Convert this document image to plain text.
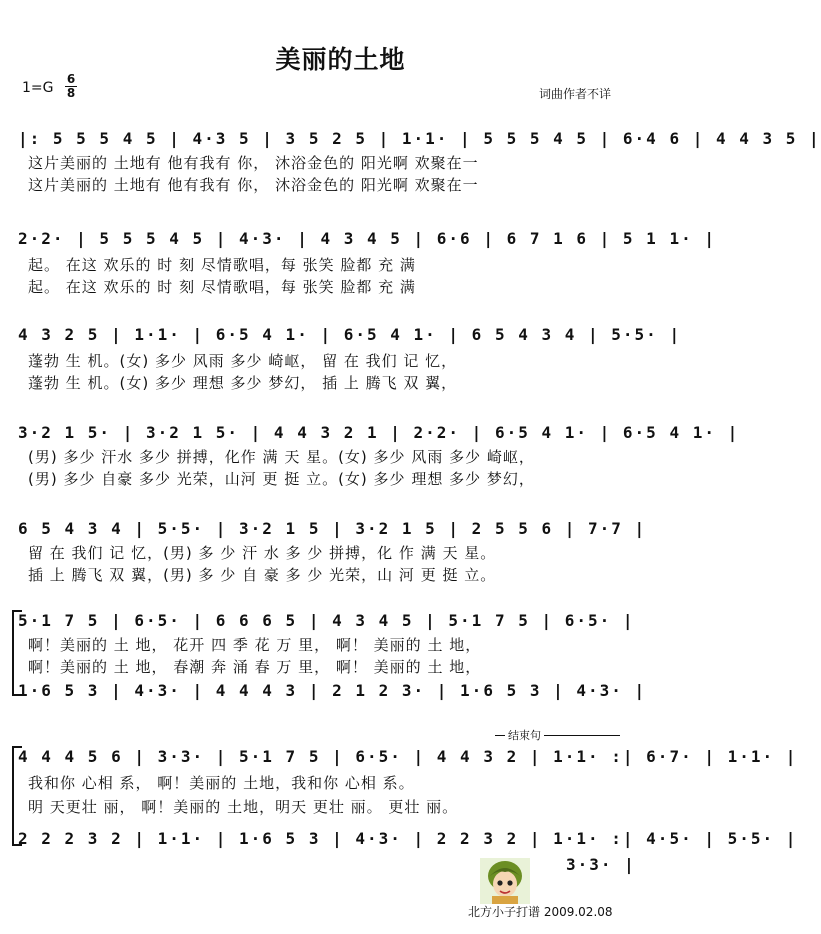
美丽的土地
1=G
6
8	词曲作者不详
|: 5 5 5 4 5 | 4·3 5 | 3 5 2 5 | 1·1· | 5 5 5 4 5 | 6·4 6 | 4 4 3 5 |
这片美丽的 土地有 他有我有 你， 沐浴金色的 阳光啊 欢聚在一
这片美丽的 土地有 他有我有 你， 沐浴金色的 阳光啊 欢聚在一
2·2· | 5 5 5 4 5 | 4·3· | 4 3 4 5 | 6·6 | 6 7 1 6 | 5 1 1· |
起。 在这 欢乐的 时 刻 尽情歌唱，每 张笑 脸都 充 满
起。 在这 欢乐的 时 刻 尽情歌唱，每 张笑 脸都 充 满
4 3 2 5 | 1·1· | 6·5 4 1· | 6·5 4 1· | 6 5 4 3 4 | 5·5· |
蓬勃 生 机。(女) 多少 风雨 多少 崎岖， 留 在 我们 记 忆，
蓬勃 生 机。(女) 多少 理想 多少 梦幻， 插 上 腾飞 双 翼，
3·2 1 5· | 3·2 1 5· | 4 4 3 2 1 | 2·2· | 6·5 4 1· | 6·5 4 1· |
(男) 多少 汗水 多少 拼搏，化作 满 天 星。(女) 多少 风雨 多少 崎岖，
(男) 多少 自豪 多少 光荣，山河 更 挺 立。(女) 多少 理想 多少 梦幻，
6 5 4 3 4 | 5·5· | 3·2 1 5 | 3·2 1 5 | 2 5 5 6 | 7·7 |
留 在 我们 记 忆，(男) 多 少 汗 水 多 少 拼搏，化 作 满 天 星。
插 上 腾飞 双 翼，(男) 多 少 自 豪 多 少 光荣，山 河 更 挺 立。
5·1 7 5 | 6·5· | 6 6 6 5 | 4 3 4 5 | 5·1 7 5 | 6·5· |
啊！美丽的 土 地， 花开 四 季 花 万 里， 啊！ 美丽的 土 地，
啊！美丽的 土 地， 春潮 奔 涌 春 万 里， 啊！ 美丽的 土 地，
1·6 5 3 | 4·3· | 4 4 4 3 | 2 1 2 3· | 1·6 5 3 | 4·3· |
结束句
4 4 4 5 6 | 3·3· | 5·1 7 5 | 6·5· | 4 4 3 2 | 1·1· :| 6·7· | 1·1· |
我和你 心相 系， 啊！美丽的 土地，我和你 心相 系。
明 天更壮 丽， 啊！美丽的 土地，明天 更壮 丽。 更壮 丽。
2 2 2 3 2 | 1·1· | 1·6 5 3 | 4·3· | 2 2 3 2 | 1·1· :| 4·5· | 5·5· |
3·3· |
北方小子打谱 2009.02.08
